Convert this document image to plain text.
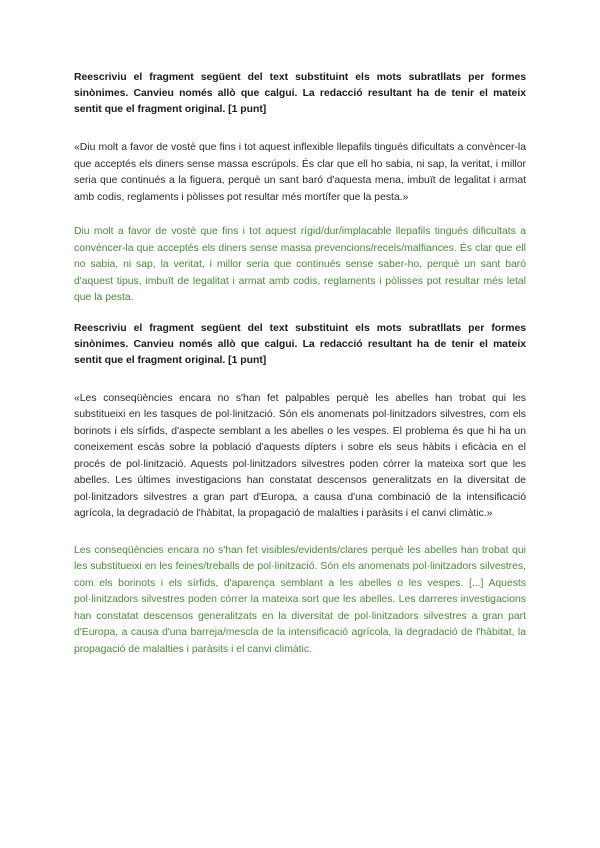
Reescriviu el fragment següent del text substituint els mots subratllats per formes sinònimes. Canvieu només allò que calgui. La redacció resultant ha de tenir el mateix sentit que el fragment original. [1 punt]

«Diu molt a favor de vostè que fins i tot aquest inflexible llepafils tingués dificultats a convèncer-la que acceptés els diners sense massa escrúpols. És clar que ell ho sabia, ni sap, la veritat, i millor seria que continués a la figuera, perquè un sant baró d'aquesta mena, imbuït de legalitat i armat amb codis, reglaments i pòlisses pot resultar més mortífer que la pesta.»

Diu molt a favor de vostè que fins i tot aquest rígid/dur/implacable llepafils tingués dificultats a convèncer-la que acceptés els diners sense massa prevencions/recels/malfiances. És clar que ell no sabia, ni sap, la veritat, i millor seria que continués sense saber-ho, perquè un sant baró d'aquest tipus, imbuït de legalitat i armat amb codis, reglaments i pòlisses pot resultar més letal que la pesta.

Reescriviu el fragment següent del text substituint els mots subratllats per formes sinònimes. Canvieu només allò que calgui. La redacció resultant ha de tenir el mateix sentit que el fragment original. [1 punt]

«Les conseqüències encara no s'han fet palpables perquè les abelles han trobat qui les substitueixi en les tasques de pol·linització. Són els anomenats pol·linitzadors silvestres, com els borinots i els sírfids, d'aspecte semblant a les abelles o les vespes. El problema és que hi ha un coneixement escàs sobre la població d'aquests dípters i sobre els seus hàbits i eficàcia en el procés de pol·linització. Aquests pol·linitzadors silvestres poden córrer la mateixa sort que les abelles. Les últimes investigacions han constatat descensos generalitzats en la diversitat de pol·linitzadors silvestres a gran part d'Europa, a causa d'una combinació de la intensificació agrícola, la degradació de l'hàbitat, la propagació de malalties i paràsits i el canvi climàtic.»

Les conseqüències encara no s'han fet visibles/evidents/clares perquè les abelles han trobat qui les substitueixi en les feines/treballs de pol·linització. Són els anomenats pol·linitzadors silvestres, com els borinots i els sírfids, d'aparença semblant a les abelles o les vespes. [...] Aquests pol·linitzadors silvestres poden córrer la mateixa sort que les abelles. Les darreres investigacions han constatat descensos generalitzats en la diversitat de pol·linitzadors silvestres a gran part d'Europa, a causa d'una barreja/mescla de la intensificació agrícola, la degradació de l'hàbitat, la propagació de malalties i paràsits i el canvi climàtic.
